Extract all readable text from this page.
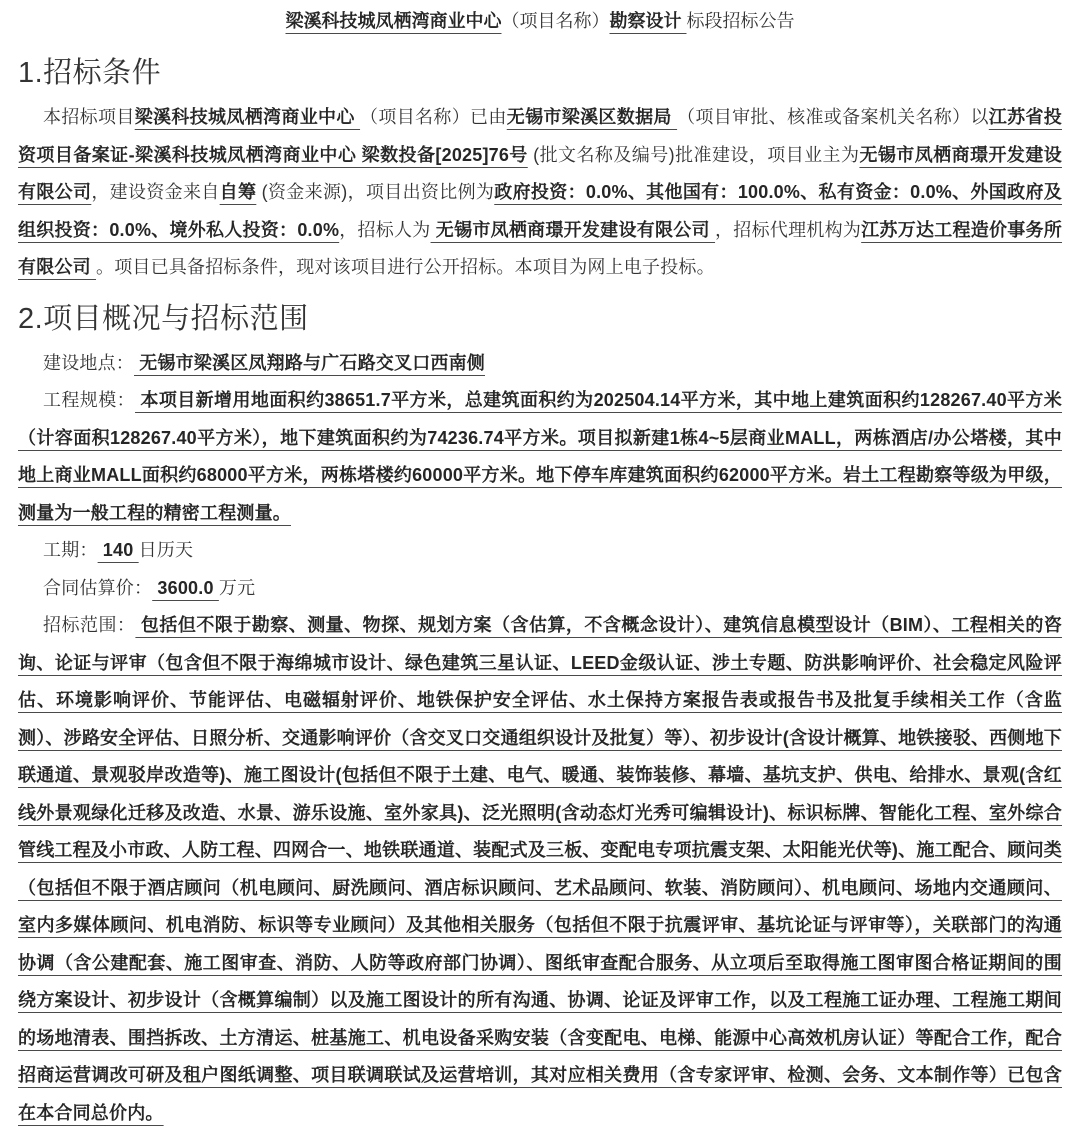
梁溪科技城凤栖湾商业中心（项目名称）勘察设计 标段招标公告
1.招标条件

本招标项目梁溪科技城凤栖湾商业中心 （项目名称）已由无锡市梁溪区数据局 （项目审批、核准或备案机关名称）以江苏省投资项目备案证-梁溪科技城凤栖湾商业中心 梁数投备[2025]76号 (批文名称及编号)批准建设，项目业主为无锡市凤栖商璟开发建设有限公司，建设资金来自自筹 (资金来源)，项目出资比例为政府投资：0.0%、其他国有：100.0%、私有资金：0.0%、外国政府及组织投资：0.0%、境外私人投资：0.0%，招标人为 无锡市凤栖商璟开发建设有限公司 ，招标代理机构为江苏万达工程造价事务所有限公司 。项目已具备招标条件，现对该项目进行公开招标。本项目为网上电子投标。

2.项目概况与招标范围

建设地点： 无锡市梁溪区凤翔路与广石路交叉口西南侧

工程规模： 本项目新增用地面积约38651.7平方米，总建筑面积约为202504.14平方米，其中地上建筑面积约128267.40平方米（计容面积128267.40平方米），地下建筑面积约为74236.74平方米。项目拟新建1栋4~5层商业MALL，两栋酒店/办公塔楼，其中地上商业MALL面积约68000平方米，两栋塔楼约60000平方米。地下停车库建筑面积约62000平方米。岩土工程勘察等级为甲级，测量为一般工程的精密工程测量。

工期： 140 日历天

合同估算价： 3600.0 万元

招标范围： 包括但不限于勘察、测量、物探、规划方案（含估算，不含概念设计）、建筑信息模型设计（BIM）、工程相关的咨询、论证与评审（包含但不限于海绵城市设计、绿色建筑三星认证、LEED金级认证、涉土专题、防洪影响评价、社会稳定风险评估、环境影响评价、节能评估、电磁辐射评价、地铁保护安全评估、水土保持方案报告表或报告书及批复手续相关工作（含监测）、涉路安全评估、日照分析、交通影响评价（含交叉口交通组织设计及批复）等）、初步设计(含设计概算、地铁接驳、西侧地下联通道、景观驳岸改造等)、施工图设计(包括但不限于土建、电气、暖通、装饰装修、幕墙、基坑支护、供电、给排水、景观(含红线外景观绿化迁移及改造、水景、游乐设施、室外家具)、泛光照明(含动态灯光秀可编辑设计)、标识标牌、智能化工程、室外综合管线工程及小市政、人防工程、四网合一、地铁联通道、装配式及三板、变配电专项抗震支架、太阳能光伏等)、施工配合、顾问类（包括但不限于酒店顾问（机电顾问、厨洗顾问、酒店标识顾问、艺术品顾问、软装、消防顾问）、机电顾问、场地内交通顾问、室内多媒体顾问、机电消防、标识等专业顾问）及其他相关服务（包括但不限于抗震评审、基坑论证与评审等），关联部门的沟通协调（含公建配套、施工图审查、消防、人防等政府部门协调）、图纸审查配合服务、从立项后至取得施工图审图合格证期间的围绕方案设计、初步设计（含概算编制）以及施工图设计的所有沟通、协调、论证及评审工作，以及工程施工证办理、工程施工期间的场地清表、围挡拆改、土方清运、桩基施工、机电设备采购安装（含变配电、电梯、能源中心高效机房认证）等配合工作，配合招商运营调改可研及租户图纸调整、项目联调联试及运营培训，其对应相关费用（含专家评审、检测、会务、文本制作等）已包含在本合同总价内。
